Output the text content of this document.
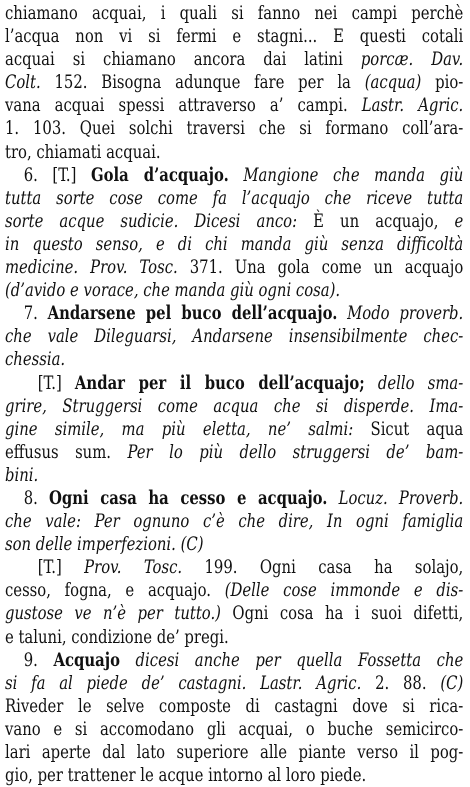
chiamano acquai, i quali si fanno nei campi perchè
l’acqua non vi si fermi e stagni... E questi cotali
acquai si chiamano ancora dai latini porcæ. Dav.
Colt. 152. Bisogna adunque fare per la (acqua) pio-
vana acquai spessi attraverso a’ campi. Lastr. Agric.
1. 103. Quei solchi traversi che si formano coll’ara-
tro, chiamati acquai.
6. [T.] Gola d’acquajo. Mangione che manda giù
tutta sorte cose come fa l’acquajo che riceve tutta
sorte acque sudicie. Dicesi anco: È un acquajo, e
in questo senso, e di chi manda giù senza difficoltà
medicine. Prov. Tosc. 371. Una gola come un acquajo
(d’avido e vorace, che manda giù ogni cosa).
7. Andarsene pel buco dell’acquajo. Modo proverb.
che vale Dileguarsi, Andarsene insensibilmente chec-
chessia.
[T.] Andar per il buco dell’acquajo; dello sma-
grire, Struggersi come acqua che si disperde. Ima-
gine simile, ma più eletta, ne’ salmi: Sicut aqua
effusus sum. Per lo più dello struggersi de’ bam-
bini.
8. Ogni casa ha cesso e acquajo. Locuz. Proverb.
che vale: Per ognuno c’è che dire, In ogni famiglia
son delle imperfezioni. (C)
[T.] Prov. Tosc. 199. Ogni casa ha solajo,
cesso, fogna, e acquajo. (Delle cose immonde e dis-
gustose ve n’è per tutto.) Ogni cosa ha i suoi difetti,
e taluni, condizione de’ pregi.
9. Acquajo dicesi anche per quella Fossetta che
si fa al piede de’ castagni. Lastr. Agric. 2. 88. (C)
Riveder le selve composte di castagni dove si rica-
vano e si accomodano gli acquai, o buche semicirco-
lari aperte dal lato superiore alle piante verso il pog-
gio, per trattener le acque intorno al loro piede.
